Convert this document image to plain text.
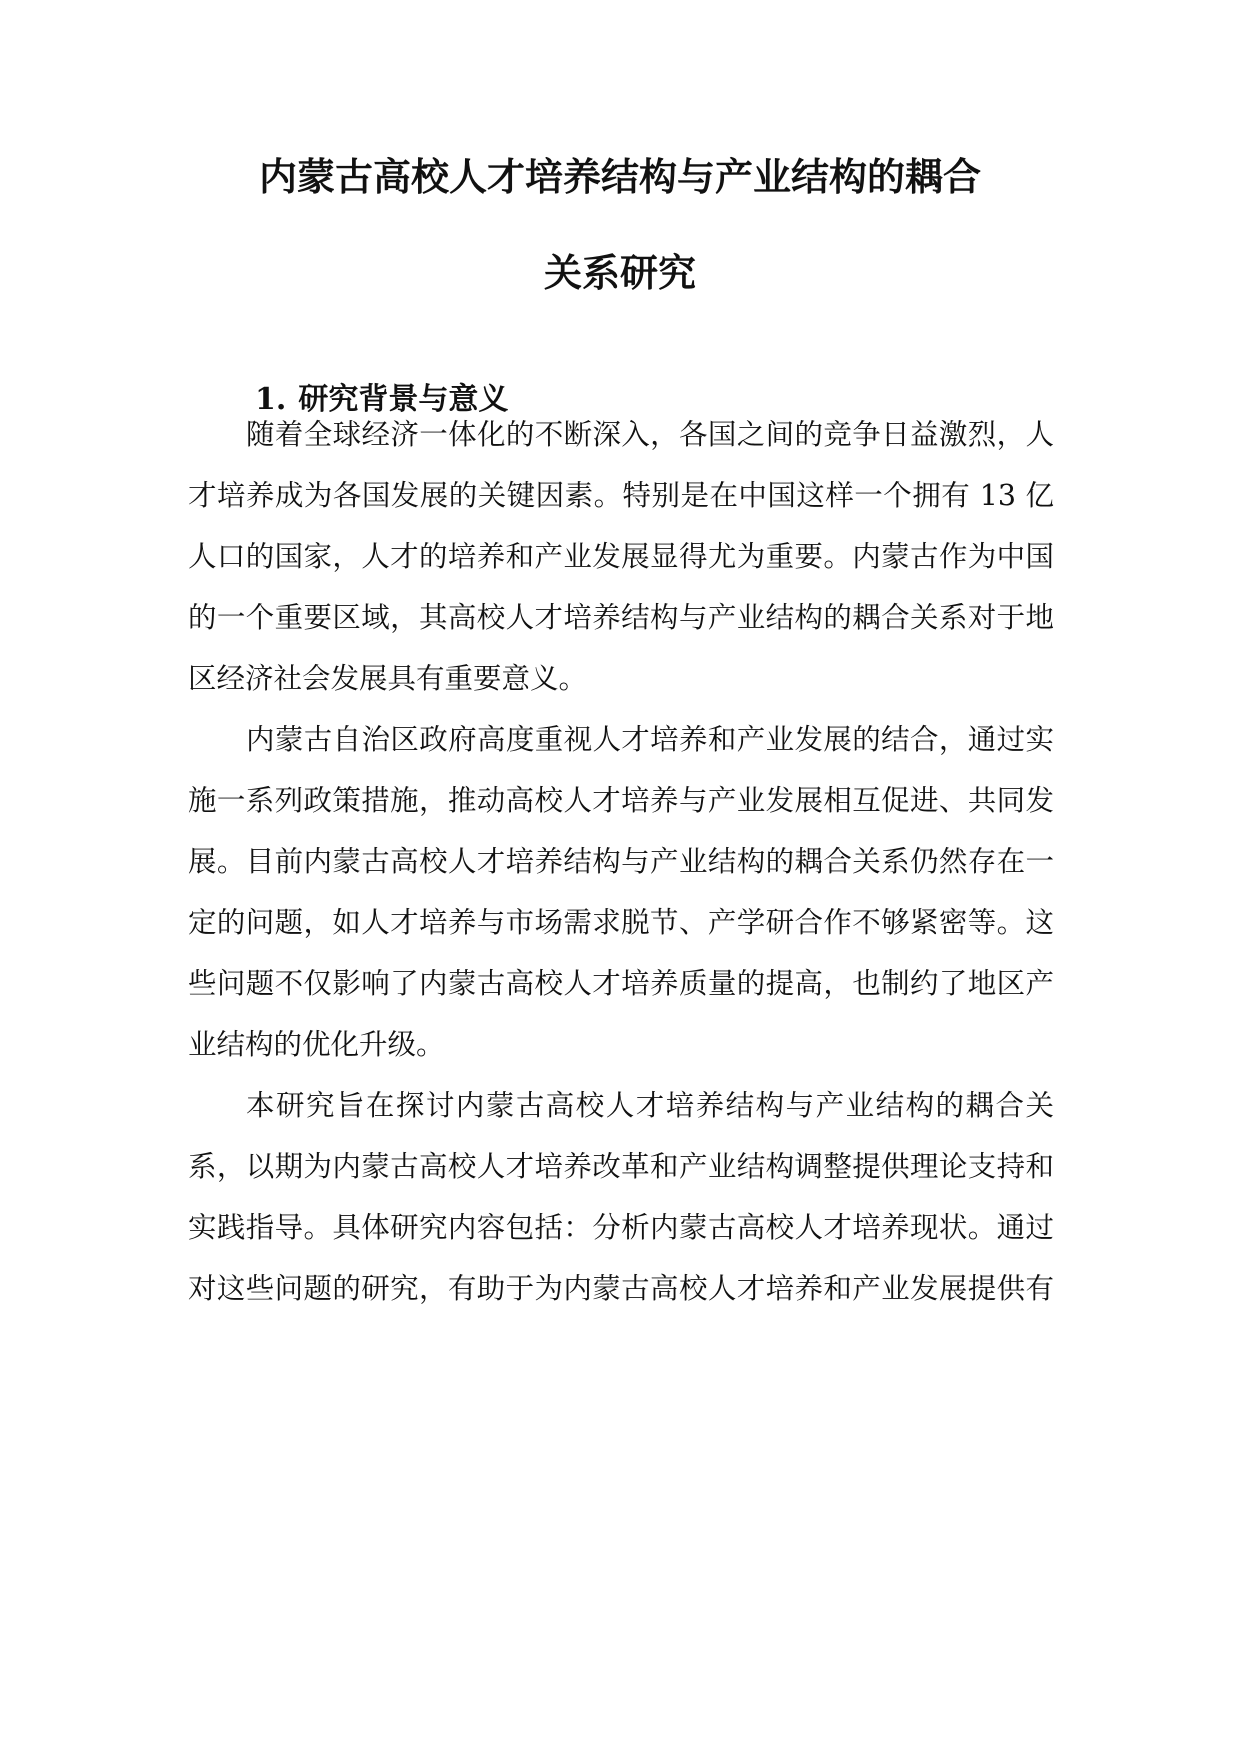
内蒙古高校人才培养结构与产业结构的耦合
关系研究
1. 研究背景与意义
随着全球经济一体化的不断深入，各国之间的竞争日益激烈，人
才培养成为各国发展的关键因素。特别是在中国这样一个拥有 13 亿
人口的国家，人才的培养和产业发展显得尤为重要。内蒙古作为中国
的一个重要区域，其高校人才培养结构与产业结构的耦合关系对于地
区经济社会发展具有重要意义。
内蒙古自治区政府高度重视人才培养和产业发展的结合，通过实
施一系列政策措施，推动高校人才培养与产业发展相互促进、共同发
展。目前内蒙古高校人才培养结构与产业结构的耦合关系仍然存在一
定的问题，如人才培养与市场需求脱节、产学研合作不够紧密等。这
些问题不仅影响了内蒙古高校人才培养质量的提高，也制约了地区产
业结构的优化升级。
本研究旨在探讨内蒙古高校人才培养结构与产业结构的耦合关
系，以期为内蒙古高校人才培养改革和产业结构调整提供理论支持和
实践指导。具体研究内容包括：分析内蒙古高校人才培养现状。通过
对这些问题的研究，有助于为内蒙古高校人才培养和产业发展提供有
